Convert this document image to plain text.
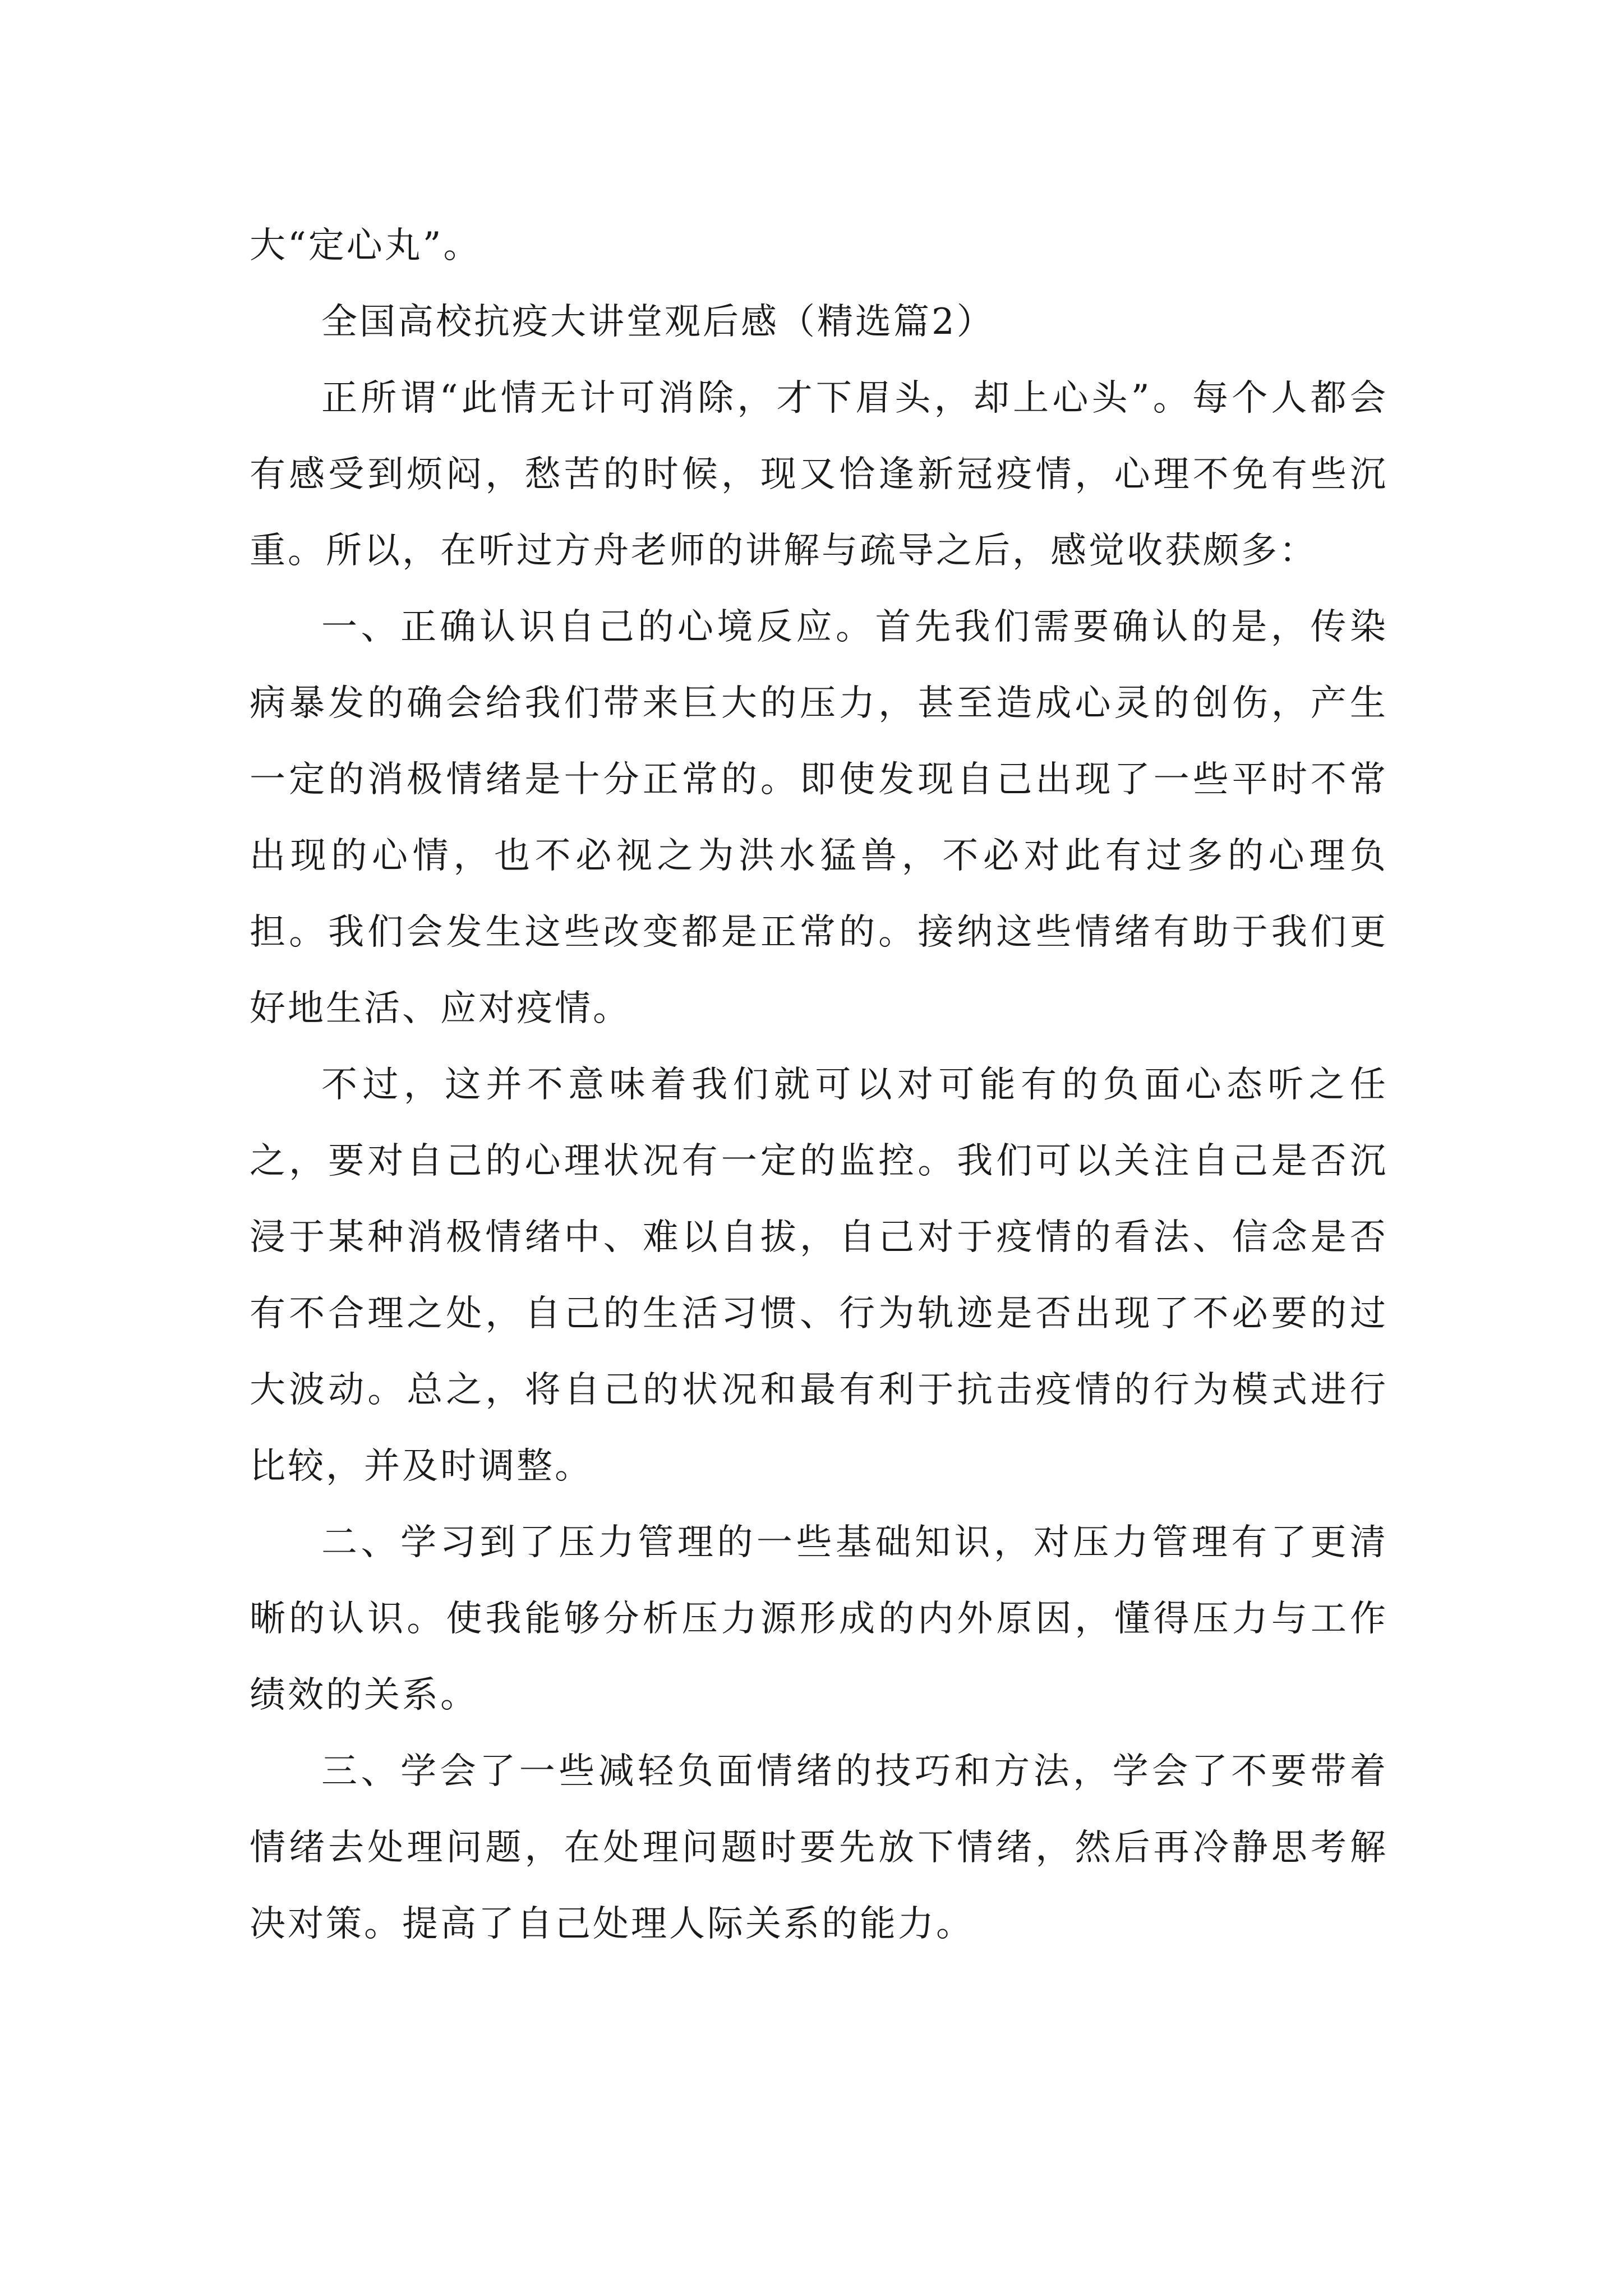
大“定心丸”。

全国高校抗疫大讲堂观后感（精选篇2）

正所谓“此情无计可消除，才下眉头，却上心头”。每个人都会有感受到烦闷，愁苦的时候，现又恰逢新冠疫情，心理不免有些沉重。所以，在听过方舟老师的讲解与疏导之后，感觉收获颇多：

一、正确认识自己的心境反应。首先我们需要确认的是，传染病暴发的确会给我们带来巨大的压力，甚至造成心灵的创伤，产生一定的消极情绪是十分正常的。即使发现自己出现了一些平时不常出现的心情，也不必视之为洪水猛兽，不必对此有过多的心理负担。我们会发生这些改变都是正常的。接纳这些情绪有助于我们更好地生活、应对疫情。

不过，这并不意味着我们就可以对可能有的负面心态听之任之，要对自己的心理状况有一定的监控。我们可以关注自己是否沉浸于某种消极情绪中、难以自拔，自己对于疫情的看法、信念是否有不合理之处，自己的生活习惯、行为轨迹是否出现了不必要的过大波动。总之，将自己的状况和最有利于抗击疫情的行为模式进行比较，并及时调整。

二、学习到了压力管理的一些基础知识，对压力管理有了更清晰的认识。使我能够分析压力源形成的内外原因，懂得压力与工作绩效的关系。

三、学会了一些减轻负面情绪的技巧和方法，学会了不要带着情绪去处理问题，在处理问题时要先放下情绪，然后再冷静思考解决对策。提高了自己处理人际关系的能力。
